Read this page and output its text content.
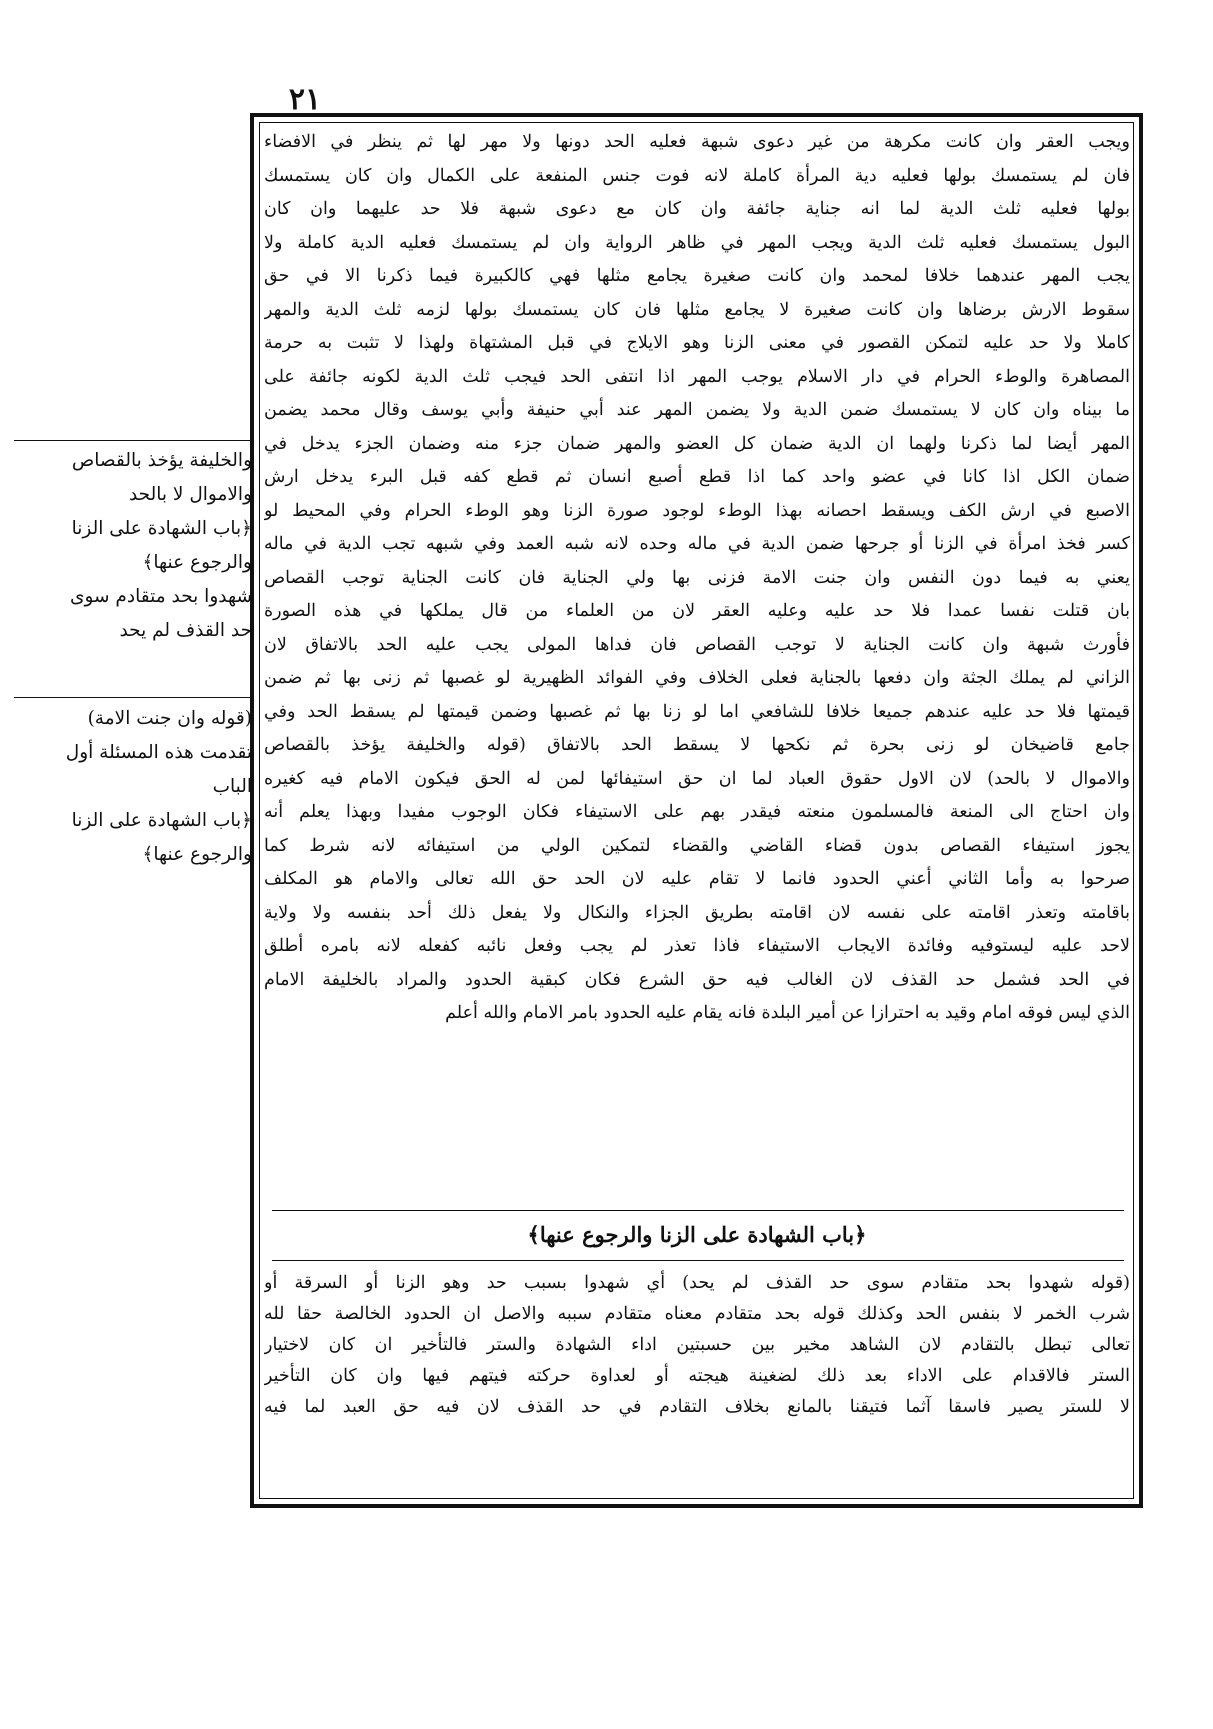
٢١

ويجب العقر وان كانت مكرهة من غير دعوى شبهة فعليه الحد دونها ولا مهر لها ثم ينظر في الافضاء
فان لم يستمسك بولها فعليه دية المرأة كاملة لانه فوت جنس المنفعة على الكمال وان كان يستمسك
بولها فعليه ثلث الدية لما انه جناية جائفة وان كان مع دعوى شبهة فلا حد عليهما وان كان
البول يستمسك فعليه ثلث الدية ويجب المهر في ظاهر الرواية وان لم يستمسك فعليه الدية كاملة ولا
يجب المهر عندهما خلافا لمحمد وان كانت صغيرة يجامع مثلها فهي كالكبيرة فيما ذكرنا الا في حق
سقوط الارش برضاها وان كانت صغيرة لا يجامع مثلها فان كان يستمسك بولها لزمه ثلث الدية والمهر
كاملا ولا حد عليه لتمكن القصور في معنى الزنا وهو الايلاج في قبل المشتهاة ولهذا لا تثبت به حرمة
المصاهرة والوطء الحرام في دار الاسلام يوجب المهر اذا انتفى الحد فيجب ثلث الدية لكونه جائفة على
ما بيناه وان كان لا يستمسك ضمن الدية ولا يضمن المهر عند أبي حنيفة وأبي يوسف وقال محمد يضمن
المهر أيضا لما ذكرنا ولهما ان الدية ضمان كل العضو والمهر ضمان جزء منه وضمان الجزء يدخل في
ضمان الكل اذا كانا في عضو واحد كما اذا قطع أصبع انسان ثم قطع كفه قبل البرء يدخل ارش
الاصبع في ارش الكف ويسقط احصانه بهذا الوطء لوجود صورة الزنا وهو الوطء الحرام وفي المحيط لو
كسر فخذ امرأة في الزنا أو جرحها ضمن الدية في ماله وحده لانه شبه العمد وفي شبهه تجب الدية في ماله
يعني به فيما دون النفس وان جنت الامة فزنى بها ولي الجناية فان كانت الجناية توجب القصاص
بان قتلت نفسا عمدا فلا حد عليه وعليه العقر لان من العلماء من قال يملكها في هذه الصورة
فأورث شبهة وان كانت الجناية لا توجب القصاص فان فداها المولى يجب عليه الحد بالاتفاق لان
الزاني لم يملك الجثة وان دفعها بالجناية فعلى الخلاف وفي الفوائد الظهيرية لو غصبها ثم زنى بها ثم ضمن
قيمتها فلا حد عليه عندهم جميعا خلافا للشافعي اما لو زنا بها ثم غصبها وضمن قيمتها لم يسقط الحد وفي
جامع قاضيخان لو زنى بحرة ثم نكحها لا يسقط الحد بالاتفاق (قوله والخليفة يؤخذ بالقصاص
والاموال لا بالحد) لان الاول حقوق العباد لما ان حق استيفائها لمن له الحق فيكون الامام فيه كغيره
وان احتاج الى المنعة فالمسلمون منعته فيقدر بهم على الاستيفاء فكان الوجوب مفيدا وبهذا يعلم أنه
يجوز استيفاء القصاص بدون قضاء القاضي والقضاء لتمكين الولي من استيفائه لانه شرط كما
صرحوا به وأما الثاني أعني الحدود فانما لا تقام عليه لان الحد حق الله تعالى والامام هو المكلف
باقامته وتعذر اقامته على نفسه لان اقامته بطريق الجزاء والنكال ولا يفعل ذلك أحد بنفسه ولا ولاية
لاحد عليه ليستوفيه وفائدة الايجاب الاستيفاء فاذا تعذر لم يجب وفعل نائبه كفعله لانه بامره أطلق
في الحد فشمل حد القذف لان الغالب فيه حق الشرع فكان كبقية الحدود والمراد بالخليفة الامام
الذي ليس فوقه امام وقيد به احترازا عن أمير البلدة فانه يقام عليه الحدود بامر الامام والله أعلم
﴿باب الشهادة على الزنا والرجوع عنها﴾
(قوله شهدوا بحد متقادم سوى حد القذف لم يحد) أي شهدوا بسبب حد وهو الزنا أو السرقة أو
شرب الخمر لا بنفس الحد وكذلك قوله بحد متقادم معناه متقادم سببه والاصل ان الحدود الخالصة حقا لله
تعالى تبطل بالتقادم لان الشاهد مخير بين حسبتين اداء الشهادة والستر فالتأخير ان كان لاختيار
الستر فالاقدام على الاداء بعد ذلك لضغينة هيجته أو لعداوة حركته فيتهم فيها وان كان التأخير
لا للستر يصير فاسقا آثما فتيقنا بالمانع بخلاف التقادم في حد القذف لان فيه حق العبد لما فيه
والخليفة يؤخذ بالقصاص
والاموال لا بالحد
﴿باب الشهادة على الزنا
والرجوع عنها﴾
شهدوا بحد متقادم سوى
حد القذف لم يحد
(قوله وان جنت الامة)
تقدمت هذه المسئلة أول
الباب
﴿باب الشهادة على الزنا
والرجوع عنها﴾
